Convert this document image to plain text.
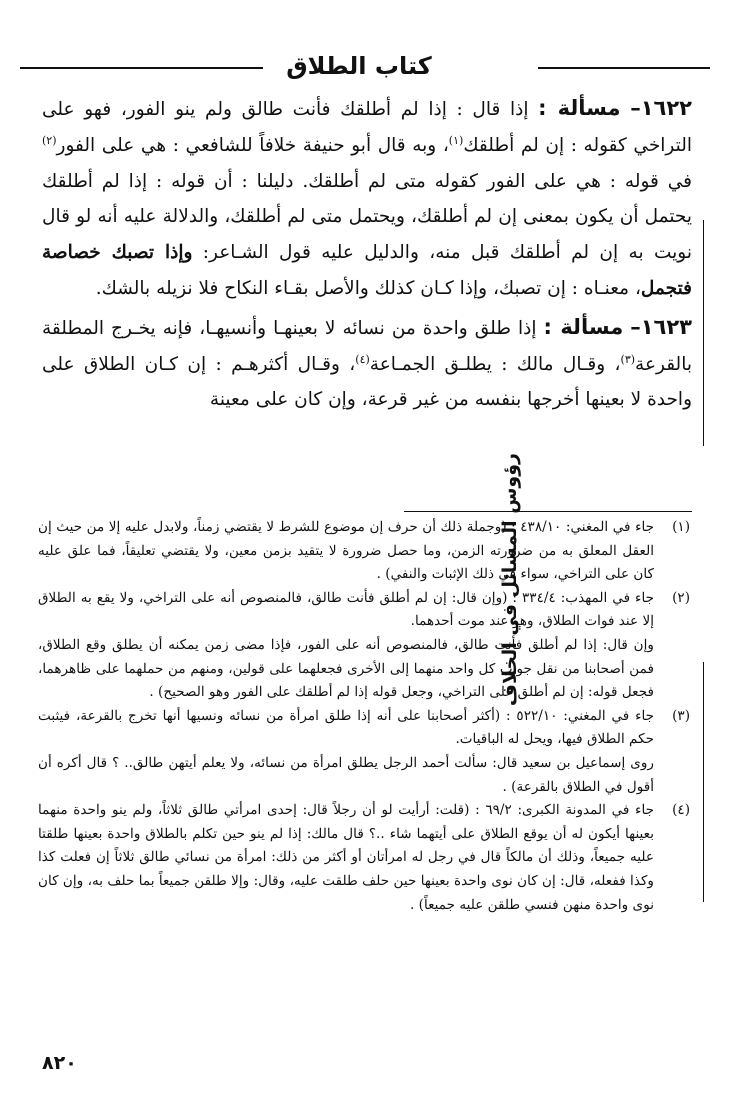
كتاب الطلاق
رؤوس المسائل في الخلاف

١٦٢٢– مسألة : إذا قال : إذا لم أطلقك فأنت طالق ولم ينو الفور، فهو على التراخي كقوله : إن لم أطلقك$^{(١)}$، وبه قال أبو حنيفة خلافاً للشافعي : هي على الفور$^{(٢)}$ في قوله : هي على الفور كقوله متى لم أطلقك. دليلنا : أن قوله : إذا لم أطلقك يحتمل أن يكون بمعنى إن لم أطلقك، ويحتمل متى لم أطلقك، والدلالة عليه أنه لو قال نويت به إن لم أطلقك قبل منه، والدليل عليه قول الشـاعر: وإذا تصبك خصاصة فتجمل، معنـاه : إن تصبك، وإذا كـان كذلك والأصل بقـاء النكاح فلا نزيله بالشك.

١٦٢٣– مسألة : إذا طلق واحدة من نسائه لا بعينهـا وأنسيهـا، فإنه يخـرج المطلقة بالقرعة$^{(٣)}$، وقـال مالك : يطلـق الجمـاعة$^{(٤)}$، وقـال أكثرهـم : إن كـان الطلاق على واحدة لا بعينها أخرجها بنفسه من غير قرعة، وإن كان على معينة

(١)

جاء في المغني: ٤٣٨/١٠ : (وجملة ذلك أن حرف إن موضوع للشرط لا يقتضي زمناً، ولابدل عليه إلا من حيث إن العقل المعلق به من ضرورته الزمن، وما حصل ضرورة لا يتقيد بزمن معين، ولا يقتضي تعليقاً، فما علق عليه كان على التراخي، سواء في ذلك الإثبات والنفي) .

(٢)

جاء في المهذب: ٣٣٤/٤ : (وإن قال: إن لم أطلق فأنت طالق، فالمنصوص أنه على التراخي، ولا يقع به الطلاق إلا عند فوات الطلاق، وهو عند موت أحدهما.

وإن قال: إذا لم أطلق فأنت طالق، فالمنصوص أنه على الفور، فإذا مضى زمن يمكنه أن يطلق وقع الطلاق، فمن أصحابنا من نقل جواب كل واحد منهما إلى الأخرى فجعلهما على قولين، ومنهم من حملهما على ظاهرهما، فجعل قوله: إن لم أطلق على التراخي، وجعل قوله إذا لم أطلقك على الفور وهو الصحيح) .

(٣)

جاء في المغني: ٥٢٢/١٠ : (أكثر أصحابنا على أنه إذا طلق امرأة من نسائه ونسيها أنها تخرج بالقرعة، فيثبت حكم الطلاق فيها، ويحل له الباقيات.

روى إسماعيل بن سعيد قال: سألت أحمد الرجل يطلق امرأة من نسائه، ولا يعلم أيتهن طالق.. ؟ قال أكره أن أقول في الطلاق بالقرعة) .

(٤)

جاء في المدونة الكبرى: ٦٩/٢ : (قلت: أرأيت لو أن رجلاً قال: إحدى امرأتي طالق ثلاثاً، ولم ينو واحدة منهما بعينها أيكون له أن يوقع الطلاق على أيتهما شاء ..؟ قال مالك: إذا لم ينو حين تكلم بالطلاق واحدة بعينها طلقتا عليه جميعاً، وذلك أن مالكاً قال في رجل له امرأتان أو أكثر من ذلك: امرأة من نسائي طالق ثلاثاً إن فعلت كذا وكذا ففعله، قال: إن كان نوى واحدة بعينها حين حلف طلقت عليه، وقال: وإلا طلقن جميعاً بما حلف به، وإن كان نوى واحدة منهن فنسي طلقن عليه جميعاً) .

٨٢٠
